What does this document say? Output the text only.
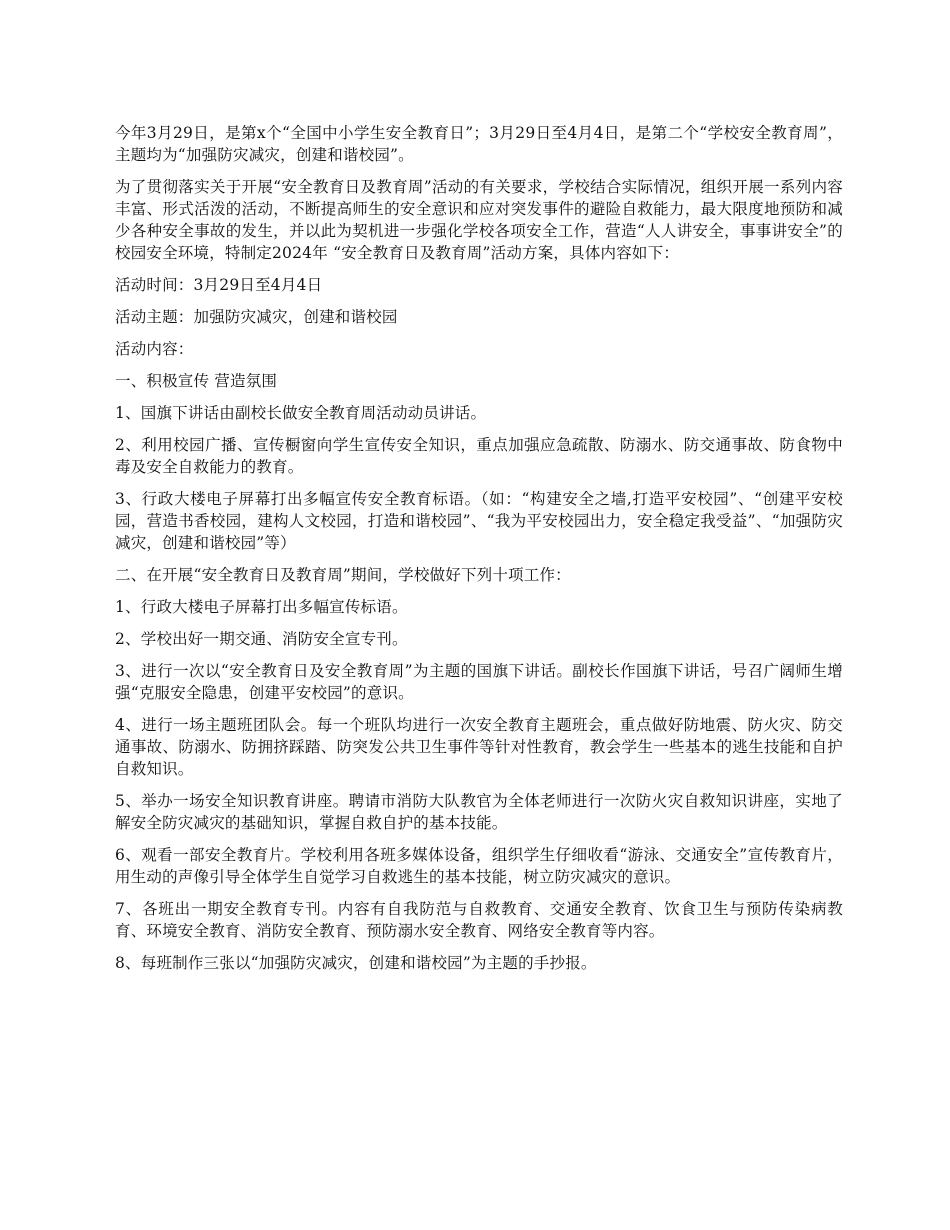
今年3月29日，是第x个“全国中小学生安全教育日”；3月29日至4月4日，是第二个“学校安全教育周”，主题均为“加强防灾减灾，创建和谐校园”。

为了贯彻落实关于开展“安全教育日及教育周”活动的有关要求，学校结合实际情况，组织开展一系列内容丰富、形式活泼的活动，不断提高师生的安全意识和应对突发事件的避险自救能力，最大限度地预防和减少各种安全事故的发生，并以此为契机进一步强化学校各项安全工作，营造“人人讲安全，事事讲安全”的校园安全环境，特制定2024年 “安全教育日及教育周”活动方案，具体内容如下：

活动时间：3月29日至4月4日

活动主题：加强防灾减灾，创建和谐校园

活动内容：

一、积极宣传 营造氛围

1、国旗下讲话由副校长做安全教育周活动动员讲话。

2、利用校园广播、宣传橱窗向学生宣传安全知识，重点加强应急疏散、防溺水、防交通事故、防食物中毒及安全自救能力的教育。

3、行政大楼电子屏幕打出多幅宣传安全教育标语。（如：“构建安全之墙,打造平安校园”、“创建平安校园，营造书香校园，建构人文校园，打造和谐校园”、“我为平安校园出力，安全稳定我受益”、“加强防灾减灾，创建和谐校园”等）

二、在开展“安全教育日及教育周”期间，学校做好下列十项工作：

1、行政大楼电子屏幕打出多幅宣传标语。

2、学校出好一期交通、消防安全宣专刊。

3、进行一次以“安全教育日及安全教育周”为主题的国旗下讲话。副校长作国旗下讲话，号召广阔师生增强“克服安全隐患，创建平安校园”的意识。

4、进行一场主题班团队会。每一个班队均进行一次安全教育主题班会，重点做好防地震、防火灾、防交通事故、防溺水、防拥挤踩踏、防突发公共卫生事件等针对性教育，教会学生一些基本的逃生技能和自护自救知识。

5、举办一场安全知识教育讲座。聘请市消防大队教官为全体老师进行一次防火灾自救知识讲座，实地了解安全防灾减灾的基础知识，掌握自救自护的基本技能。

6、观看一部安全教育片。学校利用各班多媒体设备，组织学生仔细收看“游泳、交通安全”宣传教育片，用生动的声像引导全体学生自觉学习自救逃生的基本技能，树立防灾减灾的意识。

7、各班出一期安全教育专刊。内容有自我防范与自救教育、交通安全教育、饮食卫生与预防传染病教育、环境安全教育、消防安全教育、预防溺水安全教育、网络安全教育等内容。

8、每班制作三张以“加强防灾减灾，创建和谐校园”为主题的手抄报。
